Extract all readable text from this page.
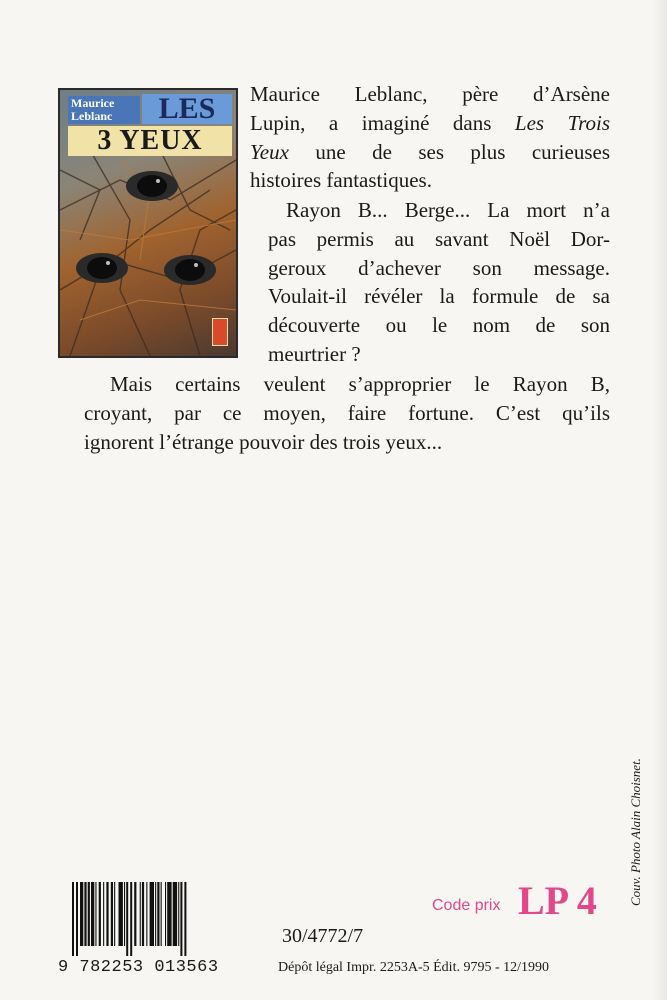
Maurice Leblanc	LES
3 YEUX
Maurice Leblanc, père d’Arsène
Lupin, a imaginé dans Les Trois
Yeux une de ses plus curieuses
histoires fantastiques.
Rayon B... Berge... La mort n’a
pas permis au savant Noël Dor-
geroux d’achever son message.
Voulait-il révéler la formule de sa
découverte ou le nom de son
meurtrier ?
Mais certains veulent s’approprier le Rayon B,
croyant, par ce moyen, faire fortune. C’est qu’ils
ignorent l’étrange pouvoir des trois yeux...
Couv. Photo Alain Choisnet.
9 782253 013563
Code prix LP 4
30/4772/7
Dépôt légal Impr. 2253A-5 Édit. 9795 - 12/1990
